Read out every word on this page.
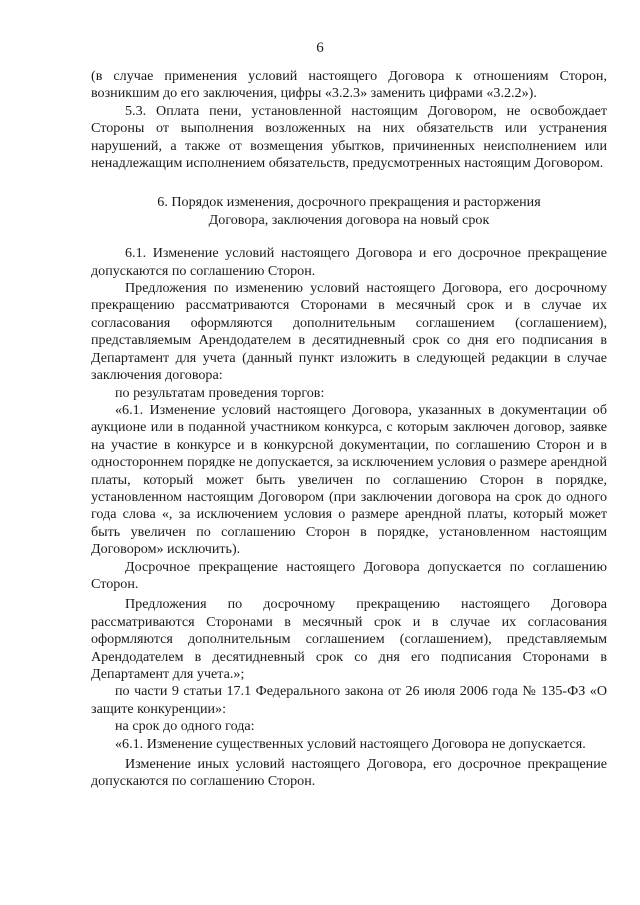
6

(в случае применения условий настоящего Договора к отношениям Сторон, возникшим до его заключения, цифры «3.2.3» заменить цифрами «3.2.2»).

5.3. Оплата пени, установленной настоящим Договором, не освобождает Стороны от выполнения возложенных на них обязательств или устранения нарушений, а также от возмещения убытков, причиненных неисполнением или ненадлежащим исполнением обязательств, предусмотренных настоящим Договором.

6. Порядок изменения, досрочного прекращения и расторжения
Договора, заключения договора на новый срок

6.1. Изменение условий настоящего Договора и его досрочное прекращение допускаются по соглашению Сторон.

Предложения по изменению условий настоящего Договора, его досрочному прекращению рассматриваются Сторонами в месячный срок и в случае их согласования оформляются дополнительным соглашением (соглашением), представляемым Арендодателем в десятидневный срок со дня его подписания в Департамент для учета (данный пункт изложить в следующей редакции в случае заключения договора:

по результатам проведения торгов:

«6.1. Изменение условий настоящего Договора, указанных в документации об аукционе или в поданной участником конкурса, с которым заключен договор, заявке на участие в конкурсе и в конкурсной документации, по соглашению Сторон и в одностороннем порядке не допускается, за исключением условия о размере арендной платы, который может быть увеличен по соглашению Сторон в порядке, установленном настоящим Договором (при заключении договора на срок до одного года слова «, за исключением условия о размере арендной платы, который может быть увеличен по соглашению Сторон в порядке, установленном настоящим Договором» исключить).

Досрочное прекращение настоящего Договора допускается по соглашению Сторон.

Предложения по досрочному прекращению настоящего Договора рассматриваются Сторонами в месячный срок и в случае их согласования оформляются дополнительным соглашением (соглашением), представляемым Арендодателем в десятидневный срок со дня его подписания Сторонами в Департамент для учета.»;

по части 9 статьи 17.1 Федерального закона от 26 июля 2006 года № 135-ФЗ «О защите конкуренции»:

на срок до одного года:

«6.1. Изменение существенных условий настоящего Договора не допускается.

Изменение иных условий настоящего Договора, его досрочное прекращение допускаются по соглашению Сторон.
